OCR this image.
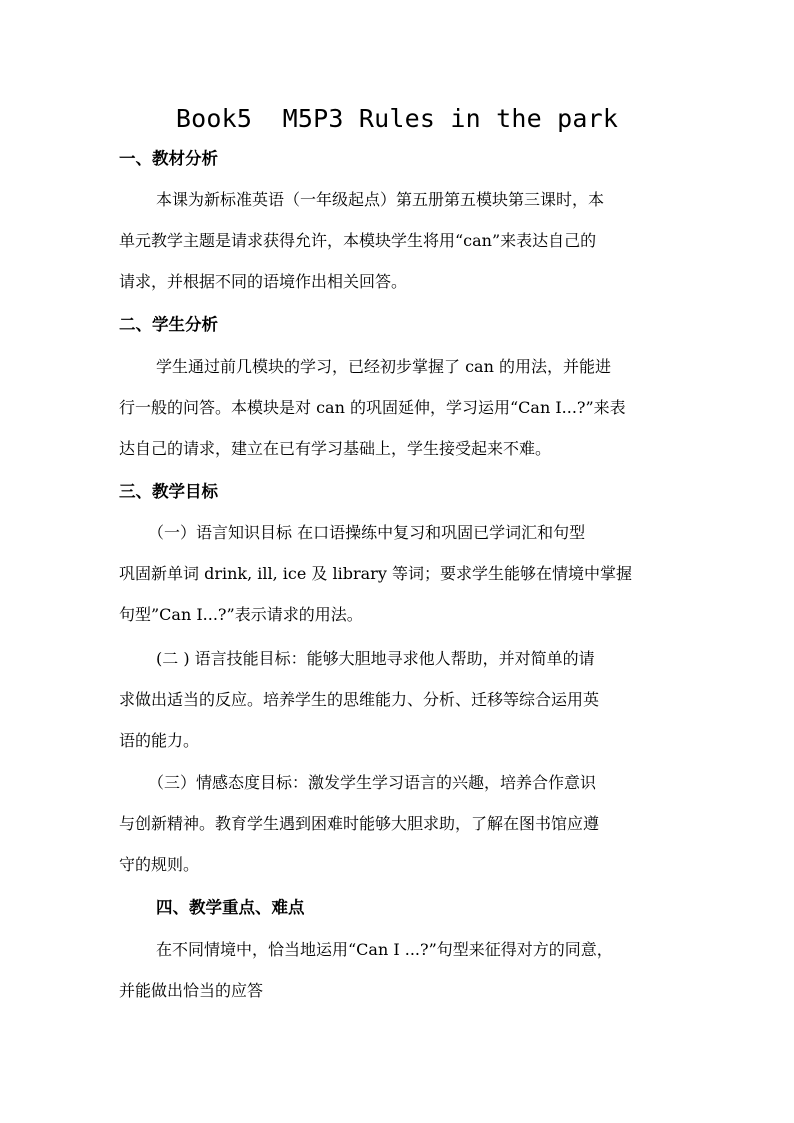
Book5  M5P3 Rules in the park
一、教材分析
本课为新标准英语（一年级起点）第五册第五模块第三课时，本
单元教学主题是请求获得允许，本模块学生将用“can”来表达自己的
请求，并根据不同的语境作出相关回答。
二、学生分析
学生通过前几模块的学习，已经初步掌握了 can 的用法，并能进
行一般的问答。本模块是对 can 的巩固延伸，学习运用“Can I...?”来表
达自己的请求，建立在已有学习基础上，学生接受起来不难。
三、教学目标
（一）语言知识目标 在口语操练中复习和巩固已学词汇和句型
巩固新单词 drink, ill, ice 及 library 等词；要求学生能够在情境中掌握
句型”Can I...?”表示请求的用法。
(二 ) 语言技能目标：能够大胆地寻求他人帮助，并对简单的请
求做出适当的反应。培养学生的思维能力、分析、迁移等综合运用英
语的能力。
（三）情感态度目标：激发学生学习语言的兴趣，培养合作意识
与创新精神。教育学生遇到困难时能够大胆求助，了解在图书馆应遵
守的规则。
四、教学重点、难点
在不同情境中，恰当地运用“Can I ...?”句型来征得对方的同意，
并能做出恰当的应答
